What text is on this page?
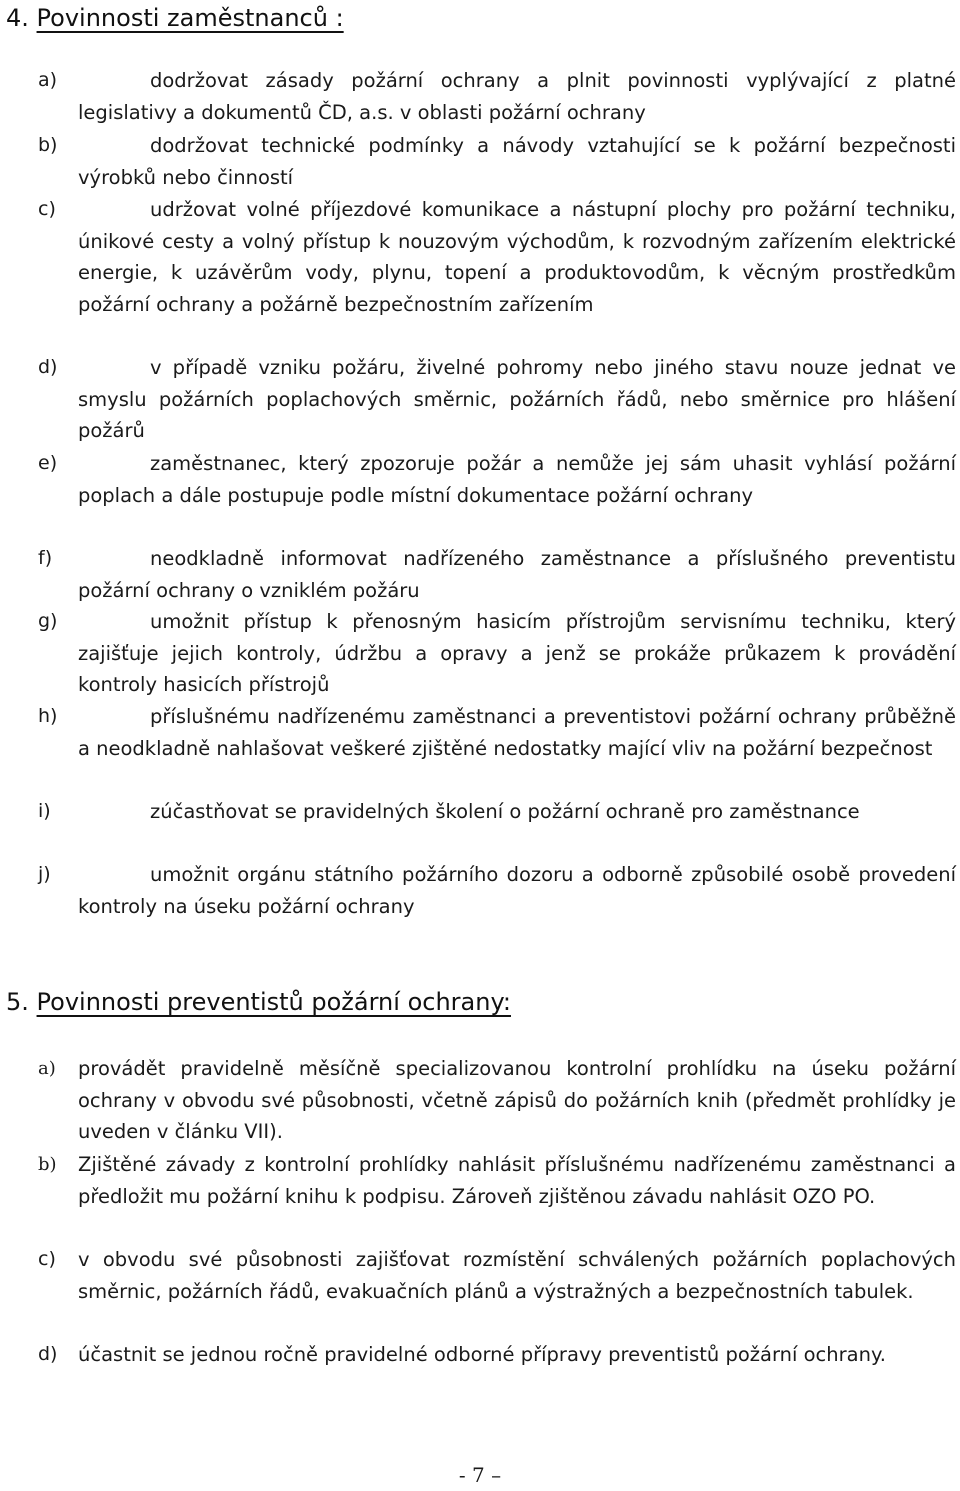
4. Povinnosti zaměstnanců :
a)	dodržovat zásady požární ochrany a plnit povinnosti vyplývající z platné legislativy a dokumentů ČD, a.s. v oblasti požární ochrany
b)	dodržovat technické podmínky a návody vztahující se k požární bezpečnosti výrobků nebo činností
c)	udržovat volné příjezdové komunikace a nástupní plochy pro požární techniku, únikové cesty a volný přístup k nouzovým východům, k rozvodným zařízením elektrické energie, k uzávěrům vody, plynu, topení a produktovodům, k věcným prostředkům požární ochrany a požárně bezpečnostním zařízením
d)	v případě vzniku požáru, živelné pohromy nebo jiného stavu nouze jednat ve smyslu požárních poplachových směrnic, požárních řádů, nebo směrnice pro hlášení požárů
e)	zaměstnanec, který zpozoruje požár a nemůže jej sám uhasit vyhlásí požární poplach a dále postupuje podle místní dokumentace požární ochrany
f)	neodkladně informovat nadřízeného zaměstnance a příslušného preventistu požární ochrany o vzniklém požáru
g)	umožnit přístup k přenosným hasicím přístrojům servisnímu techniku, který zajišťuje jejich kontroly, údržbu a opravy a jenž se prokáže průkazem k provádění kontroly hasicích přístrojů
h)	příslušnému nadřízenému zaměstnanci a preventistovi požární ochrany průběžně a neodkladně nahlašovat veškeré zjištěné nedostatky mající vliv na požární bezpečnost
i)	zúčastňovat se pravidelných školení o požární ochraně pro zaměstnance
j)	umožnit orgánu státního požárního dozoru a odborně způsobilé osobě provedení kontroly na úseku požární ochrany
5. Povinnosti preventistů požární ochrany:
a) provádět pravidelně měsíčně specializovanou kontrolní prohlídku na úseku požární ochrany v obvodu své působnosti, včetně zápisů do požárních knih (předmět prohlídky je uveden v článku VII).
b) Zjištěné závady z kontrolní prohlídky nahlásit příslušnému nadřízenému zaměstnanci a předložit mu požární knihu k podpisu. Zároveň zjištěnou závadu nahlásit OZO PO.
c) v obvodu své působnosti zajišťovat rozmístění schválených požárních poplachových směrnic, požárních řádů, evakuačních plánů a výstražných a bezpečnostních tabulek.
d) účastnit se jednou ročně pravidelné odborné přípravy preventistů požární ochrany.
- 7 –
